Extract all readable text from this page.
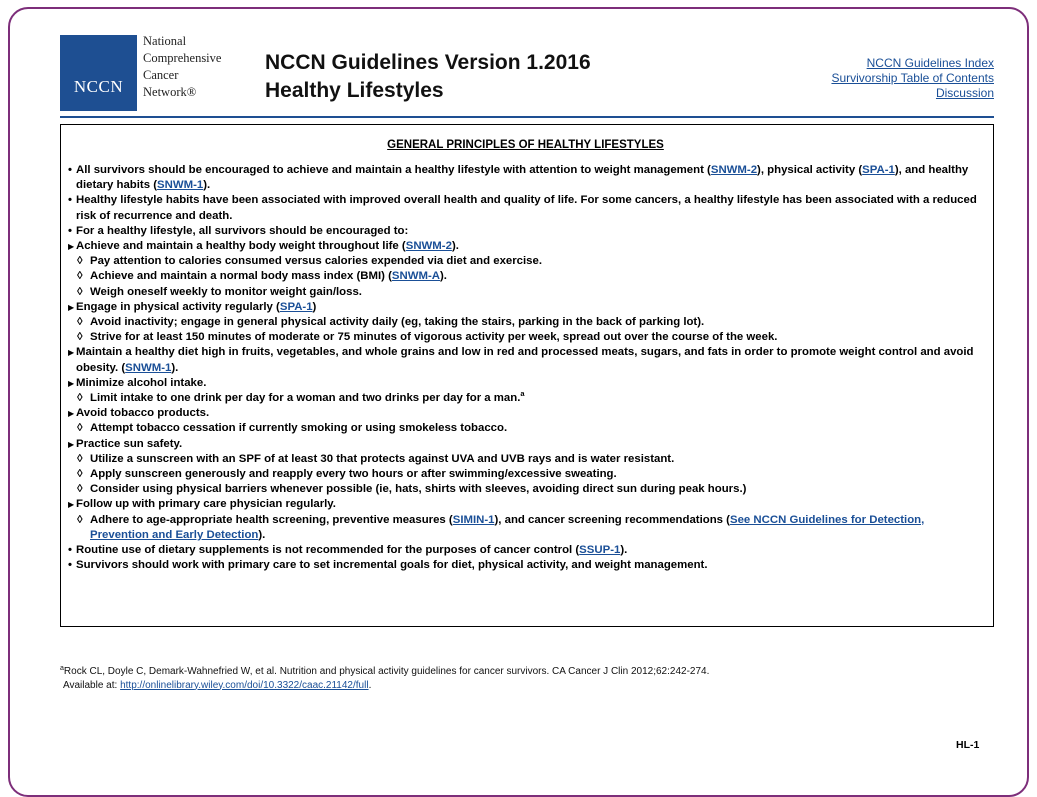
NCCN
National
Comprehensive
Cancer
Network®
NCCN Guidelines Version 1.2016
Healthy Lifestyles
NCCN Guidelines Index
Survivorship Table of Contents
Discussion
GENERAL PRINCIPLES OF HEALTHY LIFESTYLES
• All survivors should be encouraged to achieve and maintain a healthy lifestyle with attention to weight management (SNWM-2), physical activity (SPA-1), and healthy dietary habits (SNWM-1).
• Healthy lifestyle habits have been associated with improved overall health and quality of life. For some cancers, a healthy lifestyle has been associated with a reduced risk of recurrence and death.
• For a healthy lifestyle, all survivors should be encouraged to:
▶ Achieve and maintain a healthy body weight throughout life (SNWM-2).
◊ Pay attention to calories consumed versus calories expended via diet and exercise.
◊ Achieve and maintain a normal body mass index (BMI) (SNWM-A).
◊ Weigh oneself weekly to monitor weight gain/loss.
▶ Engage in physical activity regularly (SPA-1)
◊ Avoid inactivity; engage in general physical activity daily (eg, taking the stairs, parking in the back of parking lot).
◊ Strive for at least 150 minutes of moderate or 75 minutes of vigorous activity per week, spread out over the course of the week.
▶ Maintain a healthy diet high in fruits, vegetables, and whole grains and low in red and processed meats, sugars, and fats in order to promote weight control and avoid obesity. (SNWM-1).
▶ Minimize alcohol intake.
◊ Limit intake to one drink per day for a woman and two drinks per day for a man.$^a$
▶ Avoid tobacco products.
◊ Attempt tobacco cessation if currently smoking or using smokeless tobacco.
▶ Practice sun safety.
◊ Utilize a sunscreen with an SPF of at least 30 that protects against UVA and UVB rays and is water resistant.
◊ Apply sunscreen generously and reapply every two hours or after swimming/excessive sweating.
◊ Consider using physical barriers whenever possible (ie, hats, shirts with sleeves, avoiding direct sun during peak hours.)
▶ Follow up with primary care physician regularly.
◊ Adhere to age-appropriate health screening, preventive measures (SIMIN-1), and cancer screening recommendations (See NCCN Guidelines for Detection, Prevention and Early Detection).
• Routine use of dietary supplements is not recommended for the purposes of cancer control (SSUP-1).
• Survivors should work with primary care to set incremental goals for diet, physical activity, and weight management.
$^a$Rock CL, Doyle C, Demark-Wahnefried W, et al. Nutrition and physical activity guidelines for cancer survivors. CA Cancer J Clin 2012;62:242-274.
Available at: http://onlinelibrary.wiley.com/doi/10.3322/caac.21142/full.
HL-1
